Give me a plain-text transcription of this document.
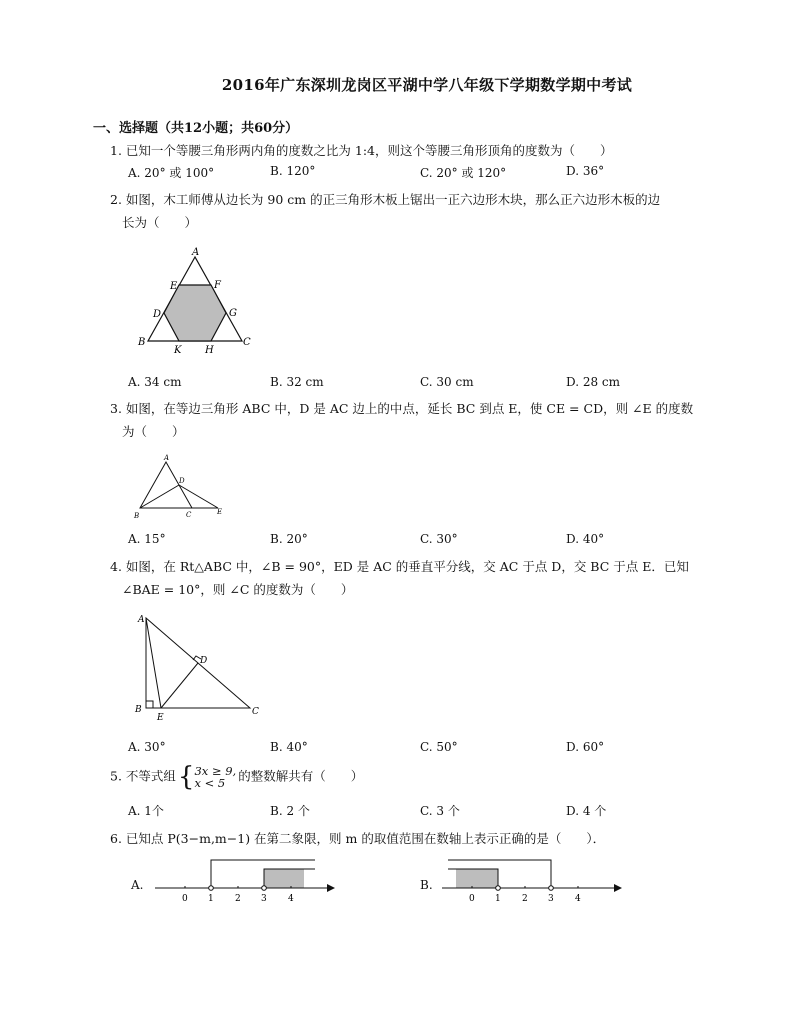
2016年广东深圳龙岗区平湖中学八年级下学期数学期中考试
一、选择题（共12小题；共60分）
1. 已知一个等腰三角形两内角的度数之比为 1:4，则这个等腰三角形顶角的度数为（　　）
A. 20° 或 100°	B. 120°	C. 20° 或 120°	D. 36°
2. 如图，木工师傅从边长为 90 cm 的正三角形木板上锯出一正六边形木块，那么正六边形木板的边
长为（　　）
A
E	F
D	G
B
K H
C
A. 34 cm	B. 32 cm	C. 30 cm	D. 28 cm
3. 如图，在等边三角形 ABC 中，D 是 AC 边上的中点，延长 BC 到点 E，使 CE = CD，则 ∠E 的度数
为（　　）
A
D
B	C	E
A. 15°	B. 20°	C. 30°	D. 40°
4. 如图，在 Rt△ABC 中，∠B = 90°，ED 是 AC 的垂直平分线，交 AC 于点 D，交 BC 于点 E．已知
∠BAE = 10°，则 ∠C 的度数为（　　）
A
D
B
E
C
A. 30°	B. 40°	C. 50°	D. 60°
5. 不等式组{3x ≥ 9,
x < 5 的整数解共有（　　）
A. 1个	B. 2 个	C. 3 个	D. 4 个
6. 已知点 P(3−m,m−1) 在第二象限，则 m 的取值范围在数轴上表示正确的是（　　）．
A.
0 1 2 3 4
B.
0 1 2 3 4
